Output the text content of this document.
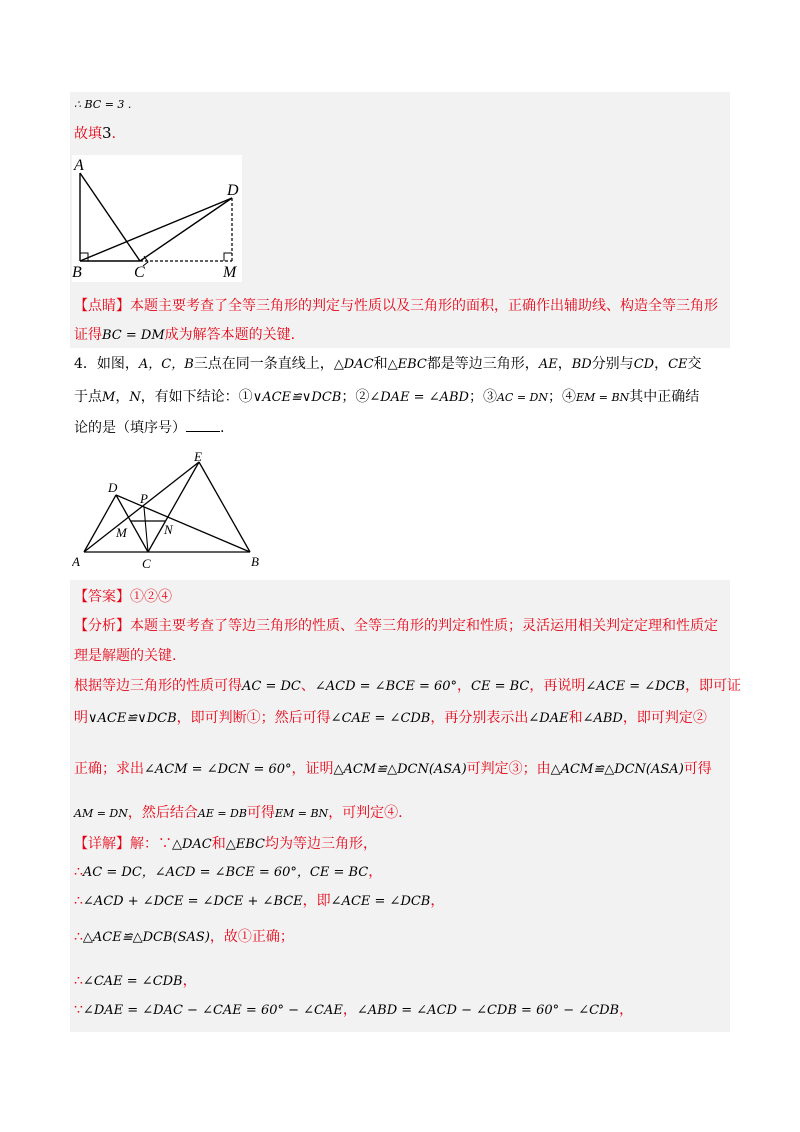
∴ BC = 3 .
故填3.
A
B	C
D
M
【点睛】本题主要考查了全等三角形的判定与性质以及三角形的面积，正确作出辅助线、构造全等三角形
证得BC = DM成为解答本题的关键.
4．如图，A，C，B三点在同一条直线上，△DAC和△EBC都是等边三角形，AE，BD分别与CD，CE交
于点M，N，有如下结论：①∨ACE≌∨DCB；②∠DAE = ∠ABD；③AC = DN；④EM = BN其中正确结
论的是（填序号） .
A	B
C
D
E
M	N
P
【答案】①②④
【分析】本题主要考查了等边三角形的性质、全等三角形的判定和性质；灵活运用相关判定定理和性质定
理是解题的关键.
根据等边三角形的性质可得AC = DC、∠ACD = ∠BCE = 60°，CE = BC，再说明∠ACE = ∠DCB，即可证
明∨ACE≌∨DCB，即可判断①；然后可得∠CAE = ∠CDB，再分别表示出∠DAE和∠ABD，即可判定②
正确；求出∠ACM = ∠DCN = 60°，证明△ACM≌△DCN(ASA)可判定③；由△ACM≌△DCN(ASA)可得
AM = DN，然后结合AE = DB可得EM = BN，可判定④.
【详解】解：∵△DAC和△EBC均为等边三角形，
∴AC = DC，∠ACD = ∠BCE = 60°，CE = BC，
∴∠ACD + ∠DCE = ∠DCE + ∠BCE，即∠ACE = ∠DCB，
∴△ACE≌△DCB(SAS)，故①正确；
∴∠CAE = ∠CDB，
∵∠DAE = ∠DAC − ∠CAE = 60° − ∠CAE，∠ABD = ∠ACD − ∠CDB = 60° − ∠CDB，
